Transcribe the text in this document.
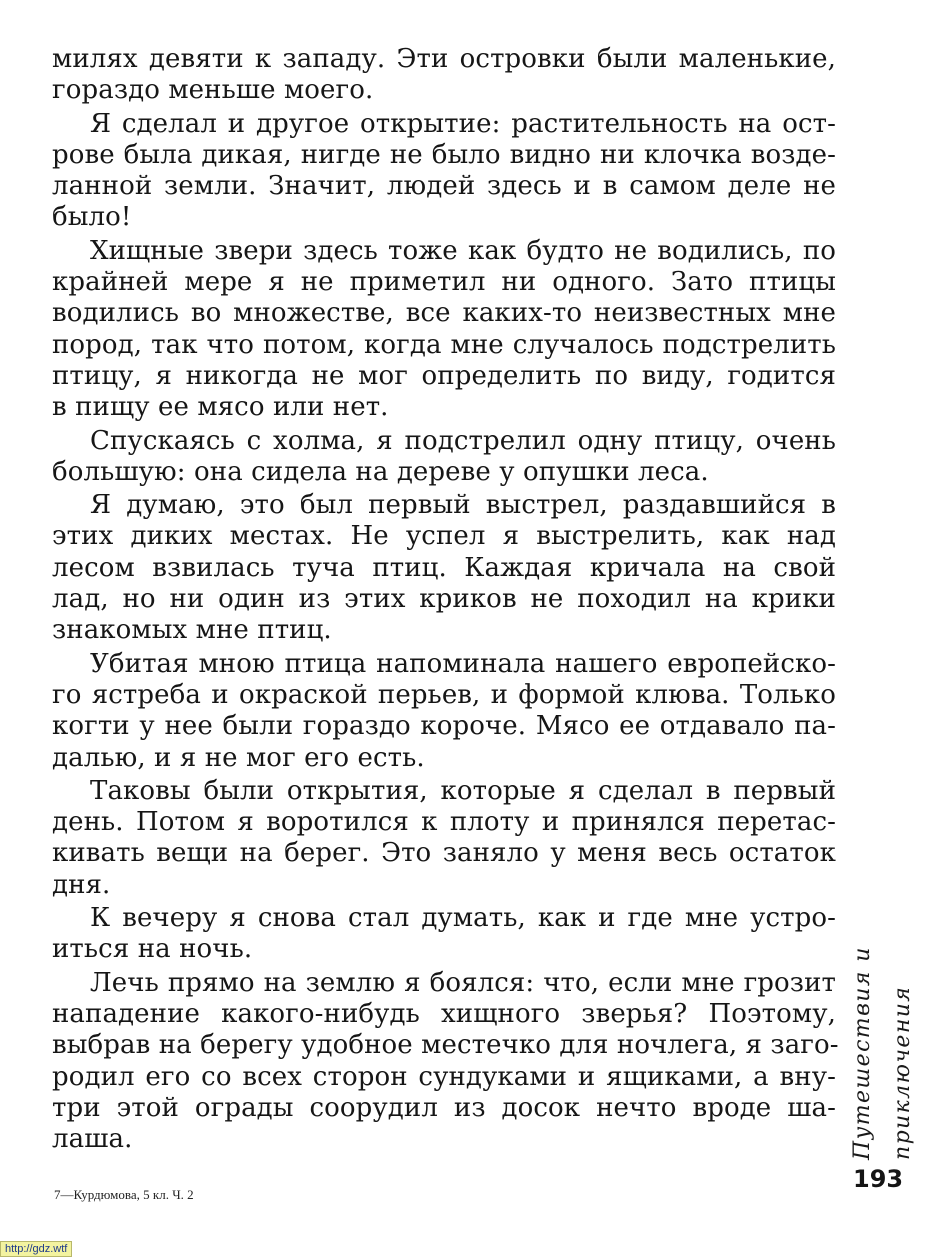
милях девяти к западу. Эти островки были маленькие,
гораздо меньше моего.
Я сделал и другое открытие: растительность на ост-
рове была дикая, нигде не было видно ни клочка возде-
ланной земли. Значит, людей здесь и в самом деле не
было!
Хищные звери здесь тоже как будто не водились, по
крайней мере я не приметил ни одного. Зато птицы
водились во множестве, все каких-то неизвестных мне
пород, так что потом, когда мне случалось подстрелить
птицу, я никогда не мог определить по виду, годится
в пищу ее мясо или нет.
Спускаясь с холма, я подстрелил одну птицу, очень
большую: она сидела на дереве у опушки леса.
Я думаю, это был первый выстрел, раздавшийся в
этих диких местах. Не успел я выстрелить, как над
лесом взвилась туча птиц. Каждая кричала на свой
лад, но ни один из этих криков не походил на крики
знакомых мне птиц.
Убитая мною птица напоминала нашего европейско-
го ястреба и окраской перьев, и формой клюва. Только
когти у нее были гораздо короче. Мясо ее отдавало па-
далью, и я не мог его есть.
Таковы были открытия, которые я сделал в первый
день. Потом я воротился к плоту и принялся перетас-
кивать вещи на берег. Это заняло у меня весь остаток
дня.
К вечеру я снова стал думать, как и где мне устро-
иться на ночь.
Лечь прямо на землю я боялся: что, если мне грозит
нападение какого-нибудь хищного зверья? Поэтому,
выбрав на берегу удобное местечко для ночлега, я заго-
родил его со всех сторон сундуками и ящиками, а вну-
три этой ограды соорудил из досок нечто вроде ша-
лаша.	Путешествия и приключения
193
7—Курдюмова, 5 кл. Ч. 2
http://gdz.wtf
